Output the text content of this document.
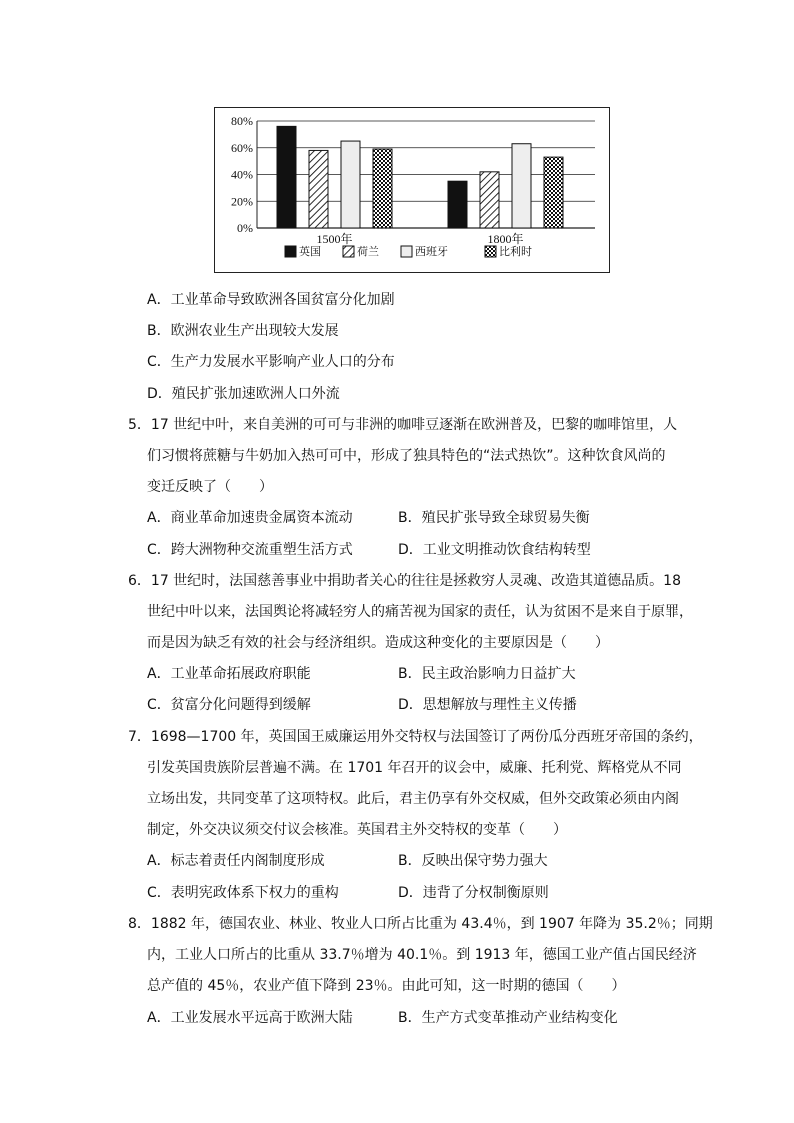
0%
20%
40%
60%
80%
1500年	1800年
英国	荷兰	西班牙	比利时
A．工业革命导致欧洲各国贫富分化加剧
B．欧洲农业生产出现较大发展
C．生产力发展水平影响产业人口的分布
D．殖民扩张加速欧洲人口外流
5．17 世纪中叶，来自美洲的可可与非洲的咖啡豆逐渐在欧洲普及，巴黎的咖啡馆里，人
们习惯将蔗糖与牛奶加入热可可中，形成了独具特色的“法式热饮”。这种饮食风尚的
变迁反映了（　　）
A．商业革命加速贵金属资本流动	B．殖民扩张导致全球贸易失衡
C．跨大洲物种交流重塑生活方式	D．工业文明推动饮食结构转型
6．17 世纪时，法国慈善事业中捐助者关心的往往是拯救穷人灵魂、改造其道德品质。18
世纪中叶以来，法国舆论将减轻穷人的痛苦视为国家的责任，认为贫困不是来自于原罪，
而是因为缺乏有效的社会与经济组织。造成这种变化的主要原因是（　　）
A．工业革命拓展政府职能	B．民主政治影响力日益扩大
C．贫富分化问题得到缓解	D．思想解放与理性主义传播
7．1698—1700 年，英国国王威廉运用外交特权与法国签订了两份瓜分西班牙帝国的条约，
引发英国贵族阶层普遍不满。在 1701 年召开的议会中，威廉、托利党、辉格党从不同
立场出发，共同变革了这项特权。此后，君主仍享有外交权威，但外交政策必须由内阁
制定，外交决议须交付议会核准。英国君主外交特权的变革（　　）
A．标志着责任内阁制度形成	B．反映出保守势力强大
C．表明宪政体系下权力的重构	D．违背了分权制衡原则
8．1882 年，德国农业、林业、牧业人口所占比重为 43.4％，到 1907 年降为 35.2％；同期
内，工业人口所占的比重从 33.7％增为 40.1％。到 1913 年，德国工业产值占国民经济
总产值的 45％，农业产值下降到 23％。由此可知，这一时期的德国（　　）
A．工业发展水平远高于欧洲大陆	B．生产方式变革推动产业结构变化
